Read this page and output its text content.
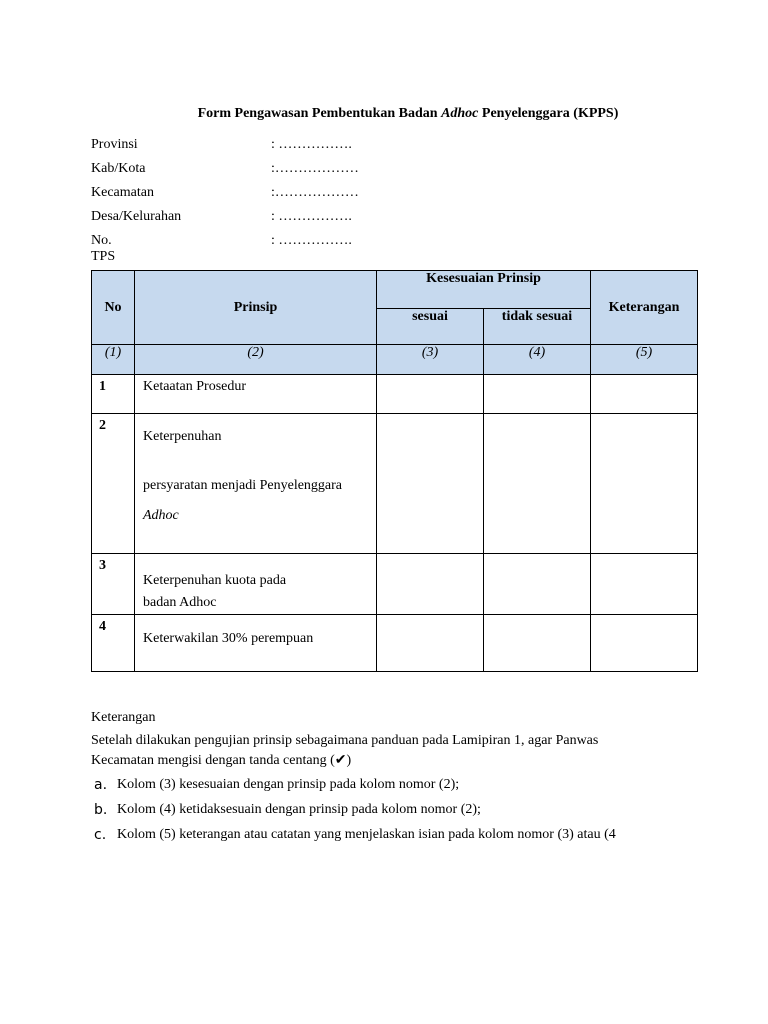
Form Pengawasan Pembentukan Badan Adhoc Penyelenggara (KPPS)
Provinsi	: …………….
Kab/Kota	:………………
Kecamatan	:………………
Desa/Kelurahan	: …………….
No. TPS
: …………….
No	Prinsip	Kesesuaian Prinsip		Keterangan
		sesuai	tidak sesuai	
(1)	(2)	(3)	(4)	(5)
1	Ketaatan Prosedur			

2	Keterpenuhan
persyaratan menjadi Penyelenggara
Adhoc			

3	Keterpenuhan kuota pada
badan Adhoc			

4	Keterwakilan 30% perempuan			

Keterangan
Setelah dilakukan pengujian prinsip sebagaimana panduan pada Lamipiran 1, agar Panwas
Kecamatan mengisi dengan tanda centang (✔)
a. Kolom (3) kesesuaian dengan prinsip pada kolom nomor (2);
b. Kolom (4) ketidaksesuain dengan prinsip pada kolom nomor (2);
c. Kolom (5) keterangan atau catatan yang menjelaskan isian pada kolom nomor (3) atau (4
